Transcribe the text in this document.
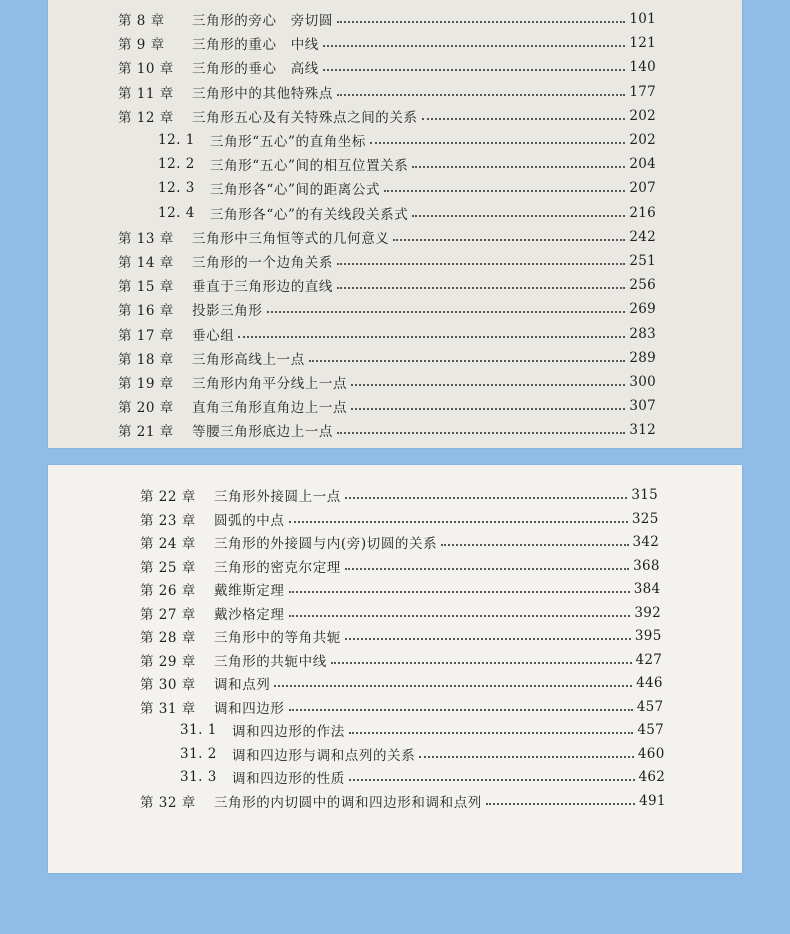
第 8 章	三角形的旁心　旁切圆	101
第 9 章	三角形的重心　中线	121
第 10 章	三角形的垂心　高线	140
第 11 章	三角形中的其他特殊点	177
第 12 章	三角形五心及有关特殊点之间的关系	202
12. 1	三角形“五心”的直角坐标	202
12. 2	三角形“五心”间的相互位置关系	204
12. 3	三角形各“心”间的距离公式	207
12. 4	三角形各“心”的有关线段关系式	216
第 13 章	三角形中三角恒等式的几何意义	242
第 14 章	三角形的一个边角关系	251
第 15 章	垂直于三角形边的直线	256
第 16 章	投影三角形	269
第 17 章	垂心组	283
第 18 章	三角形高线上一点	289
第 19 章	三角形内角平分线上一点	300
第 20 章	直角三角形直角边上一点	307
第 21 章	等腰三角形底边上一点	312
第 22 章	三角形外接圆上一点	315
第 23 章	圆弧的中点	325
第 24 章	三角形的外接圆与内(旁)切圆的关系	342
第 25 章	三角形的密克尔定理	368
第 26 章	戴维斯定理	384
第 27 章	戴沙格定理	392
第 28 章	三角形中的等角共轭	395
第 29 章	三角形的共轭中线	427
第 30 章	调和点列	446
第 31 章	调和四边形	457
31. 1	调和四边形的作法	457
31. 2	调和四边形与调和点列的关系	460
31. 3	调和四边形的性质	462
第 32 章	三角形的内切圆中的调和四边形和调和点列	491
